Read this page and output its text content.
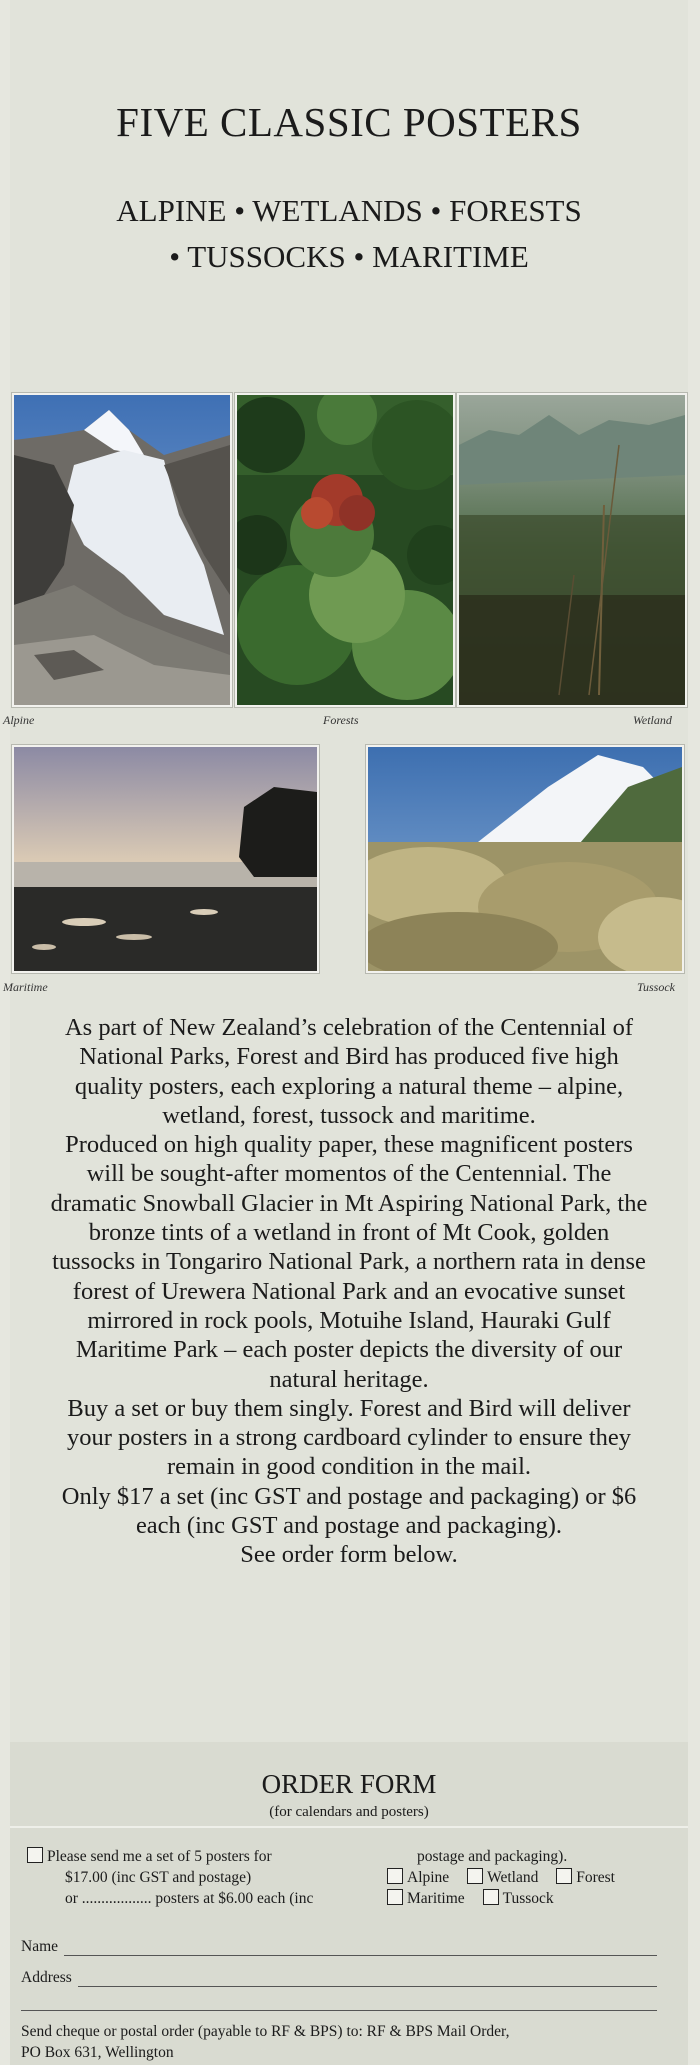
FIVE CLASSIC POSTERS
ALPINE • WETLANDS • FORESTS
• TUSSOCKS • MARITIME
Alpine	Forests	Wetland
Maritime	Tussock

As part of New Zealand’s celebration of the Centennial of National Parks, Forest and Bird has produced five high quality posters, each exploring a natural theme – alpine, wetland, forest, tussock and maritime.

Produced on high quality paper, these magnificent posters will be sought-after momentos of the Centennial. The dramatic Snowball Glacier in Mt Aspiring National Park, the bronze tints of a wetland in front of Mt Cook, golden tussocks in Tongariro National Park, a northern rata in dense forest of Urewera National Park and an evocative sunset mirrored in rock pools, Motuihe Island, Hauraki Gulf Maritime Park – each poster depicts the diversity of our natural heritage.

Buy a set or buy them singly. Forest and Bird will deliver your posters in a strong cardboard cylinder to ensure they remain in good condition in the mail.

Only $17 a set (inc GST and postage and packaging) or $6 each (inc GST and postage and packaging).

See order form below.

ORDER FORM
(for calendars and posters)
Please send me a set of 5 posters for
$17.00 (inc GST and postage)
or .................. posters at $6.00 each (inc
postage and packaging).
Alpine Wetland Forest
Maritime Tussock
Name
Address
Send cheque or postal order (payable to RF & BPS) to: RF & BPS Mail Order,
PO Box 631, Wellington
